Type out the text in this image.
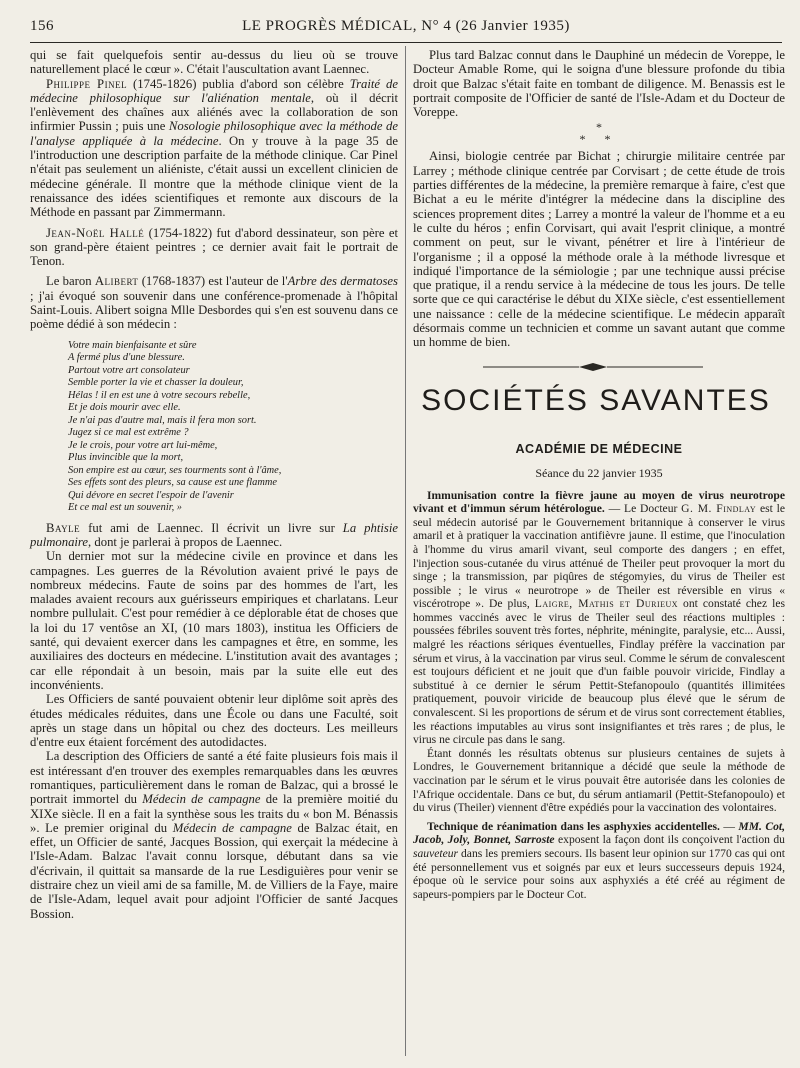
156	LE PROGRÈS MÉDICAL, N° 4 (26 Janvier 1935)

qui se fait quelquefois sentir au-dessus du lieu où se trouve naturellement placé le cœur ». C'était l'auscultation avant Laennec.

Philippe Pinel (1745-1826) publia d'abord son célèbre Traité de médecine philosophique sur l'aliénation mentale, où il décrit l'enlèvement des chaînes aux aliénés avec la collaboration de son infirmier Pussin ; puis une Nosologie philosophique avec la méthode de l'analyse appliquée à la médecine. On y trouve à la page 35 de l'introduction une description parfaite de la méthode clinique. Car Pinel n'était pas seulement un aliéniste, c'était aussi un excellent clinicien de médecine générale. Il montre que la méthode clinique vient de la renaissance des idées scientifiques et remonte aux discours de la Méthode en passant par Zimmermann.

Jean-Noël Hallé (1754-1822) fut d'abord dessinateur, son père et son grand-père étaient peintres ; ce dernier avait fait le portrait de Tenon.

Le baron Alibert (1768-1837) est l'auteur de l'Arbre des dermatoses ; j'ai évoqué son souvenir dans une conférence-promenade à l'hôpital Saint-Louis. Alibert soigna Mlle Desbordes qui s'en est souvenu dans ce poème dédié à son médecin :

Votre main bienfaisante et sûre
A fermé plus d'une blessure.
Partout votre art consolateur
Semble porter la vie et chasser la douleur,
Hélas ! il en est une à votre secours rebelle,
Et je dois mourir avec elle.
Je n'ai pas d'autre mal, mais il fera mon sort.
Jugez si ce mal est extrême ?
Je le crois, pour votre art lui-même,
Plus invincible que la mort,
Son empire est au cœur, ses tourments sont à l'âme,
Ses effets sont des pleurs, sa cause est une flamme
Qui dévore en secret l'espoir de l'avenir
Et ce mal est un souvenir, »

Bayle fut ami de Laennec. Il écrivit un livre sur La phtisie pulmonaire, dont je parlerai à propos de Laennec.

Un dernier mot sur la médecine civile en province et dans les campagnes. Les guerres de la Révolution avaient privé le pays de nombreux médecins. Faute de soins par des hommes de l'art, les malades avaient recours aux guérisseurs empiriques et charlatans. Leur nombre pullulait. C'est pour remédier à ce déplorable état de choses que la loi du 17 ventôse an XI, (10 mars 1803), institua les Officiers de santé, qui devaient exercer dans les campagnes et être, en somme, les auxiliaires des docteurs en médecine. L'institution avait des avantages ; car elle répondait à un besoin, mais par la suite elle eut des inconvénients.

Les Officiers de santé pouvaient obtenir leur diplôme soit après des études médicales réduites, dans une École ou dans une Faculté, soit après un stage dans un hôpital ou chez des docteurs. Les meilleurs d'entre eux étaient forcément des autodidactes.

La description des Officiers de santé a été faite plusieurs fois mais il est intéressant d'en trouver des exemples remarquables dans les œuvres romantiques, particulièrement dans le roman de Balzac, qui a brossé le portrait immortel du Médecin de campagne de la première moitié du XIXe siècle. Il en a fait la synthèse sous les traits du « bon M. Bénassis ». Le premier original du Médecin de campagne de Balzac était, en effet, un Officier de santé, Jacques Bossion, qui exerçait la médecine à l'Isle-Adam. Balzac l'avait connu lorsque, débutant dans sa vie d'écrivain, il quittait sa mansarde de la rue Lesdiguières pour venir se distraire chez un vieil ami de sa famille, M. de Villiers de la Faye, maire de l'Isle-Adam, lequel avait pour adjoint l'Officier de santé Jacques Bossion.

Plus tard Balzac connut dans le Dauphiné un médecin de Voreppe, le Docteur Amable Rome, qui le soigna d'une blessure profonde du tibia droit que Balzac s'était faite en tombant de diligence. M. Benassis est le portrait composite de l'Officier de santé de l'Isle-Adam et du Docteur de Voreppe.

*
* *

Ainsi, biologie centrée par Bichat ; chirurgie militaire centrée par Larrey ; méthode clinique centrée par Corvisart ; de cette étude de trois parties différentes de la médecine, la première remarque à faire, c'est que Bichat a eu le mérite d'intégrer la médecine dans la discipline des sciences proprement dites ; Larrey a montré la valeur de l'homme et a eu le culte du héros ; enfin Corvisart, qui avait l'esprit clinique, a montré comment on peut, sur le vivant, pénétrer et lire à l'intérieur de l'organisme ; il a opposé la méthode orale à la méthode livresque et indiqué l'importance de la sémiologie ; par une technique aussi précise que pratique, il a rendu service à la médecine de tous les jours. De telle sorte que ce qui caractérise le début du XIXe siècle, c'est essentiellement une naissance : celle de la médecine scientifique. Le médecin apparaît désormais comme un technicien et comme un savant autant que comme un homme de bien.

SOCIÉTÉS SAVANTES
ACADÉMIE DE MÉDECINE
Séance du 22 janvier 1935

Immunisation contre la fièvre jaune au moyen de virus neurotrope vivant et d'immun sérum hétérologue. — Le Docteur G. M. Findlay est le seul médecin autorisé par le Gouvernement britannique à conserver le virus amaril et à pratiquer la vaccination antifièvre jaune. Il estime, que l'inoculation à l'homme du virus amaril vivant, seul comporte des dangers ; en effet, l'injection sous-cutanée du virus atténué de Theiler peut provoquer la mort du singe ; la transmission, par piqûres de stégomyies, du virus de Theiler est possible ; le virus « neurotrope » de Theiler est réversible en virus « viscérotrope ». De plus, Laigre, Mathis et Durieux ont constaté chez les hommes vaccinés avec le virus de Theiler seul des réactions multiples : poussées fébriles souvent très fortes, néphrite, méningite, paralysie, etc... Aussi, malgré les réactions sériques éventuelles, Findlay préfère la vaccination par sérum et virus, à la vaccination par virus seul. Comme le sérum de convalescent est toujours déficient et ne jouit que d'un faible pouvoir viricide, Findlay a substitué à ce dernier le sérum Pettit-Stefanopoulo (quantités illimitées pratiquement, pouvoir viricide de beaucoup plus élevé que le sérum de convalescent. Si les proportions de sérum et de virus sont correctement établies, les réactions imputables au virus sont insignifiantes et très rares ; de plus, le virus ne circule pas dans le sang.

Étant donnés les résultats obtenus sur plusieurs centaines de sujets à Londres, le Gouvernement britannique a décidé que seule la méthode de vaccination par le sérum et le virus pouvait être autorisée dans les colonies de l'Afrique occidentale. Dans ce but, du sérum antiamaril (Pettit-Stefanopoulo) et du virus (Theiler) viennent d'être expédiés pour la vaccination des volontaires.

Technique de réanimation dans les asphyxies accidentelles. — MM. Cot, Jacob, Joly, Bonnet, Sarroste exposent la façon dont ils conçoivent l'action du sauveteur dans les premiers secours. Ils basent leur opinion sur 1770 cas qui ont été personnellement vus et soignés par eux et leurs successeurs depuis 1924, époque où le service pour soins aux asphyxiés a été créé au régiment de sapeurs-pompiers par le Docteur Cot.
